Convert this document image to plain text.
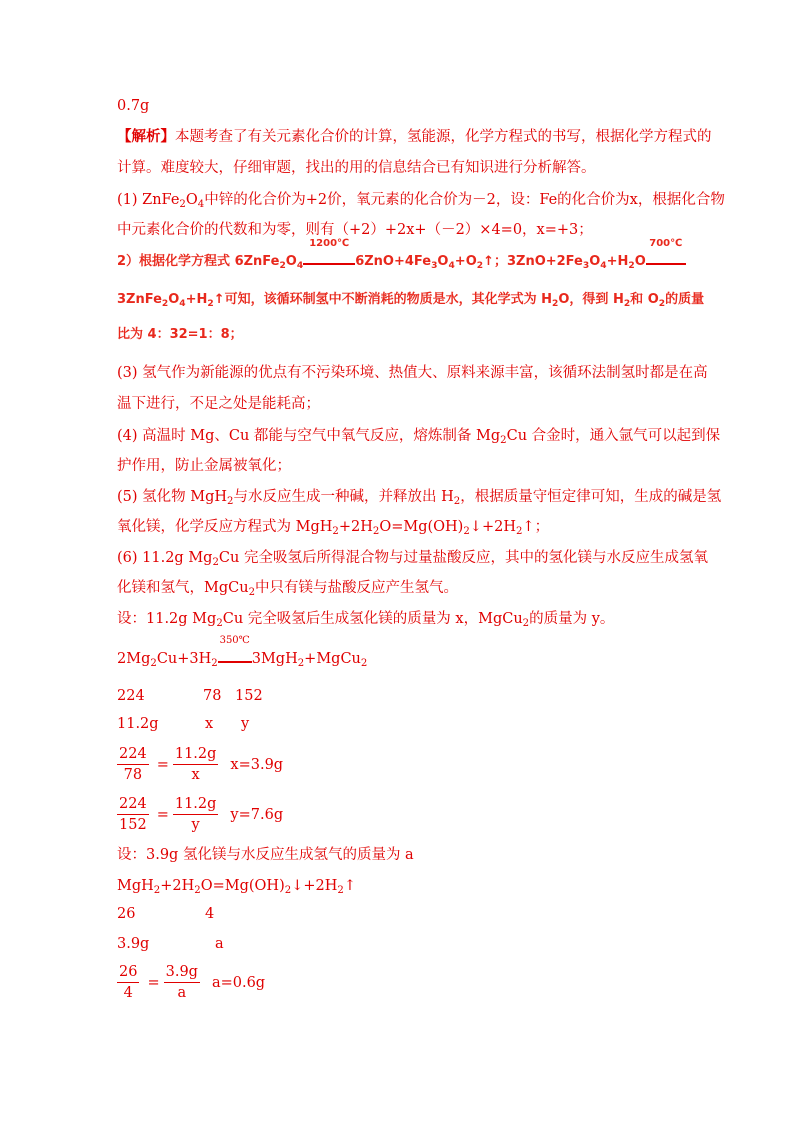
0.7g
【解析】本题考查了有关元素化合价的计算，氢能源，化学方程式的书写，根据化学方程式的
计算。难度较大，仔细审题，找出的用的信息结合已有知识进行分析解答。
(1) $ZnFe_2O_4$中锌的化合价为+2价，氧元素的化合价为－2，设：Fe的化合价为x，根据化合物
中元素化合价的代数和为零，则有（+2）+2x+（－2）×4=0，x=+3；
2）根据化学方程式 $6ZnFe_2O_4$
1200℃
$6ZnO+4Fe_3O_4+O_2↑$；$3ZnO+2Fe_3O_4+H_2O$
700℃
$3ZnFe_2O_4+H_2↑$可知，该循环制氢中不断消耗的物质是水，其化学式为 $H_2O$，得到 $H_2$和 $O_2$的质量
比为 4：32=1：8；
(3) 氢气作为新能源的优点有不污染环境、热值大、原料来源丰富，该循环法制氢时都是在高
温下进行，不足之处是能耗高；
(4) 高温时 Mg、Cu 都能与空气中氧气反应，熔炼制备 $Mg_2Cu$ 合金时，通入氩气可以起到保
护作用，防止金属被氧化；
(5) 氢化物 MgH$_2$与水反应生成一种碱，并释放出 $H_2$，根据质量守恒定律可知，生成的碱是氢
氧化镁，化学反应方程式为 $MgH_2+2H_2O=Mg(OH)_2↓+2H_2↑$；
(6) 11.2g $Mg_2Cu$ 完全吸氢后所得混合物与过量盐酸反应，其中的氢化镁与水反应生成氢氧
化镁和氢气，MgCu$_2$中只有镁与盐酸反应产生氢气。
设：11.2g $Mg_2Cu$ 完全吸氢后生成氢化镁的质量为 x，MgCu$_2$的质量为 y。
$2Mg_2Cu+3H_2$
350℃
3MgH$_2$+MgCu$_2$
224	78 152
11.2g	x y
$\frac{224}{78} = \frac{11.2g}{x} x=3.9g$
$\frac{224}{152} = \frac{11.2g}{y} y=7.6g$
设：3.9g 氢化镁与水反应生成氢气的质量为 a
$MgH_2+2H_2O=Mg(OH)_2↓+2H_2↑$
26	4
3.9g	a
$\frac{26}{4} = \frac{3.9g}{a} a=0.6g$
